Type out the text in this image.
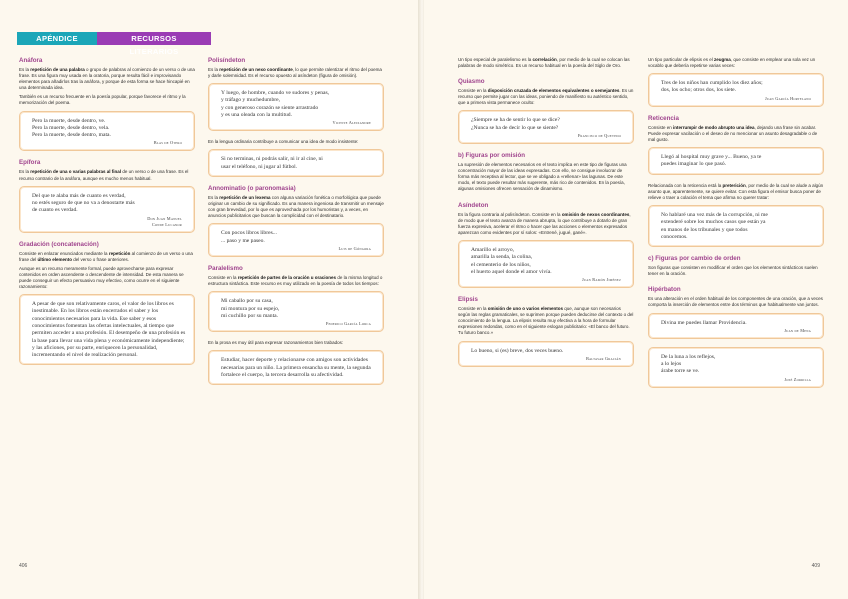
APÉNDICE	RECURSOS LITERARIOS
Anáfora
Es la repetición de una palabra o grupo de palabras al comienzo de un verso o de una frase. Es una figura muy usada en la oratoria, porque resulta fácil e improvisando elementos para añadirlos tras la anáfora, y porque de esta forma se hace hincapié en una determinada idea.
También es un recurso frecuente en la poesía popular, porque favorece el ritmo y la memorización del poema.
Pero la muerte, desde dentro, ve.
Pero la muerte, desde dentro, vela.
Pero la muerte, desde dentro, mata.
Blas de Otero
Epífora
Es la repetición de una o varias palabras al final de un verso o de una frase. Es el recurso contrario de la anáfora, aunque es mucho menos habitual.
Del que te alaba más de cuanto es verdad,
no estés seguro de que no va a denostarte más
de cuanto es verdad.
Don Juan Manuel
Conde Lucanor
Gradación (concatenación)
Consiste en enlazar enunciados mediante la repetición al comienzo de un verso o una frase del último elemento del verso o frase anteriores.
Aunque es un recurso meramente formal, puede aprovecharse para expresar contenidos en orden ascendente o descendente de intensidad. De esta manera se puede conseguir un efecto persuasivo muy efectivo, como ocurre en el siguiente razonamiento:
A pesar de que son relativamente caros, el valor de los libros es inestimable. En los libros están encerrados el saber y los conocimientos necesarios para la vida. Ese saber y esos conocimientos fomentan las ofertas intelectuales, al tiempo que permiten acceder a una profesión. El desempeño de una profesión es la base para llevar una vida plena y económicamente independiente; y las aficiones, por su parte, enriquecen la personalidad, incrementando el nivel de realización personal.
Polisíndeton
Es la repetición de un nexo coordinante, lo que permite ralentizar el ritmo del poema y darle solemnidad. Es el recurso opuesto al asíndeton (figura de omisión).
Y luego, de hombre, cuando ve sudores y penas,
y tráfago y muchedumbre,
y con generoso corazón se siente arrastrado
y es una oleada con la multitud.
Vicente Aleixandre
En la lengua ordinaria contribuye a comunicar una idea de modo insistente:
Si no terminas, ni podrás salir, ni ir al cine, ni
usar el teléfono, ni jugar al fútbol.
Annominatio (o paronomasia)
Es la repetición de un lexema con alguna variación fonética o morfológica que puede originar un cambio de su significado. Es una manera ingeniosa de transmitir un mensaje con gran brevedad, por lo que es aprovechada por los humoristas y, a veces, en anuncios publicitarios que buscan la complicidad con el destinatario.
Con pocos libros libres...
... paso y me paseo.
Luis de Góngora
Paralelismo
Consiste en la repetición de partes de la oración u oraciones de la misma longitud o estructura sintáctica. Este recurso es muy utilizado en la poesía de todos los tiempos:
Mi caballo por su casa,
mi montura por su espejo,
mi cuchillo por su manta.
Federico García Lorca
En la prosa es muy útil para expresar razonamientos bien trabados:
Estudiar, hacer deporte y relacionarse con amigos son actividades necesarias para un niño. La primera ensancha su mente, la segunda fortalece el cuerpo, la tercera desarrolla su afectividad.
406
Un tipo especial de paralelismo es la correlación, por medio de la cual se colocan las palabras de modo simétrico. Es un recurso habitual en la poesía del Siglo de Oro.
Quiasmo
Consiste en la disposición cruzada de elementos equivalentes o semejantes. Es un recurso que permite jugar con las ideas, poniendo de manifiesto su auténtico sentido, que a primera vista permanece oculto:
¿Siempre se ha de sentir lo que se dice?
¿Nunca se ha de decir lo que se siente?
Francisco de Quevedo
b) Figuras por omisión
La supresión de elementos necesarios en el texto implica en este tipo de figuras una concentración mayor de las ideas expresadas. Con ello, se consigue involucrar de forma más receptiva al lector, que se ve obligado a «rellenar» las lagunas. De este modo, el texto puede resultar más sugerente, más rico de contenidos. En la poesía, algunas omisiones ofrecen sensación de dinamismo.
Asíndeton
Es la figura contraria al polisíndeton. Consiste en la omisión de nexos coordinantes, de modo que el texto avanza de manera abrupta, lo que contribuye a dotarlo de gran fuerza expresiva, acelerar el ritmo o hacer que las acciones o elementos expresados aparezcan como evidentes por sí solos: «Entrené, jugué, gané».
Amarillo el arroyo,
amarilla la senda, la colina,
el cementerio de los niños,
el huerto aquel donde el amor vivía.
Juan Ramón Jiménez
Elipsis
Consiste en la omisión de uno o varios elementos que, aunque son necesarios según las reglas gramaticales, se suprimen porque pueden deducirse del contexto o del conocimiento de la lengua. La elipsis resulta muy efectiva a la hora de formular expresiones redondas, como en el siguiente eslogan publicitario: «El banco del futuro. Tu futuro banco.»
Lo bueno, si (es) breve, dos veces bueno.
Baltasar Gracián
Un tipo particular de elipsis es el zeugma, que consiste en emplear una sola vez un vocablo que debería repetirse varias veces:
Tres de los niños han cumplido los diez años;
dos, los ocho; otros dos, los siete.
Juan García Hortelano
Reticencia
Consiste en interrumpir de modo abrupto una idea, dejando una frase sin acabar. Puede expresar vacilación o el deseo de no mencionar un asunto desagradable o de mal gusto.
Llegó al hospital muy grave y... Bueno, ya te
puedes imaginar lo que pasó.
Relacionada con la reticencia está la preterición, por medio de la cual se alude a algún asunto que, aparentemente, se quiere evitar. Con esta figura el emisor busca poner de relieve o traer a colación el tema que afirma no querer tratar:
No hablaré una vez más de la corrupción, ni me
extenderé sobre los muchos casos que están ya
en manos de los tribunales y que todos
conocemos.
c) Figuras por cambio de orden
Son figuras que consisten en modificar el orden que los elementos sintácticos suelen tener en la oración.
Hipérbaton
Es una alteración en el orden habitual de los componentes de una oración, que a veces comporta la inserción de elementos entre dos términos que habitualmente van juntos.
Divina me puedes llamar Providencia.
Juan de Mena
De la luna a los reflejos,
a lo lejos
árabe torre se ve.
José Zorrilla
409
